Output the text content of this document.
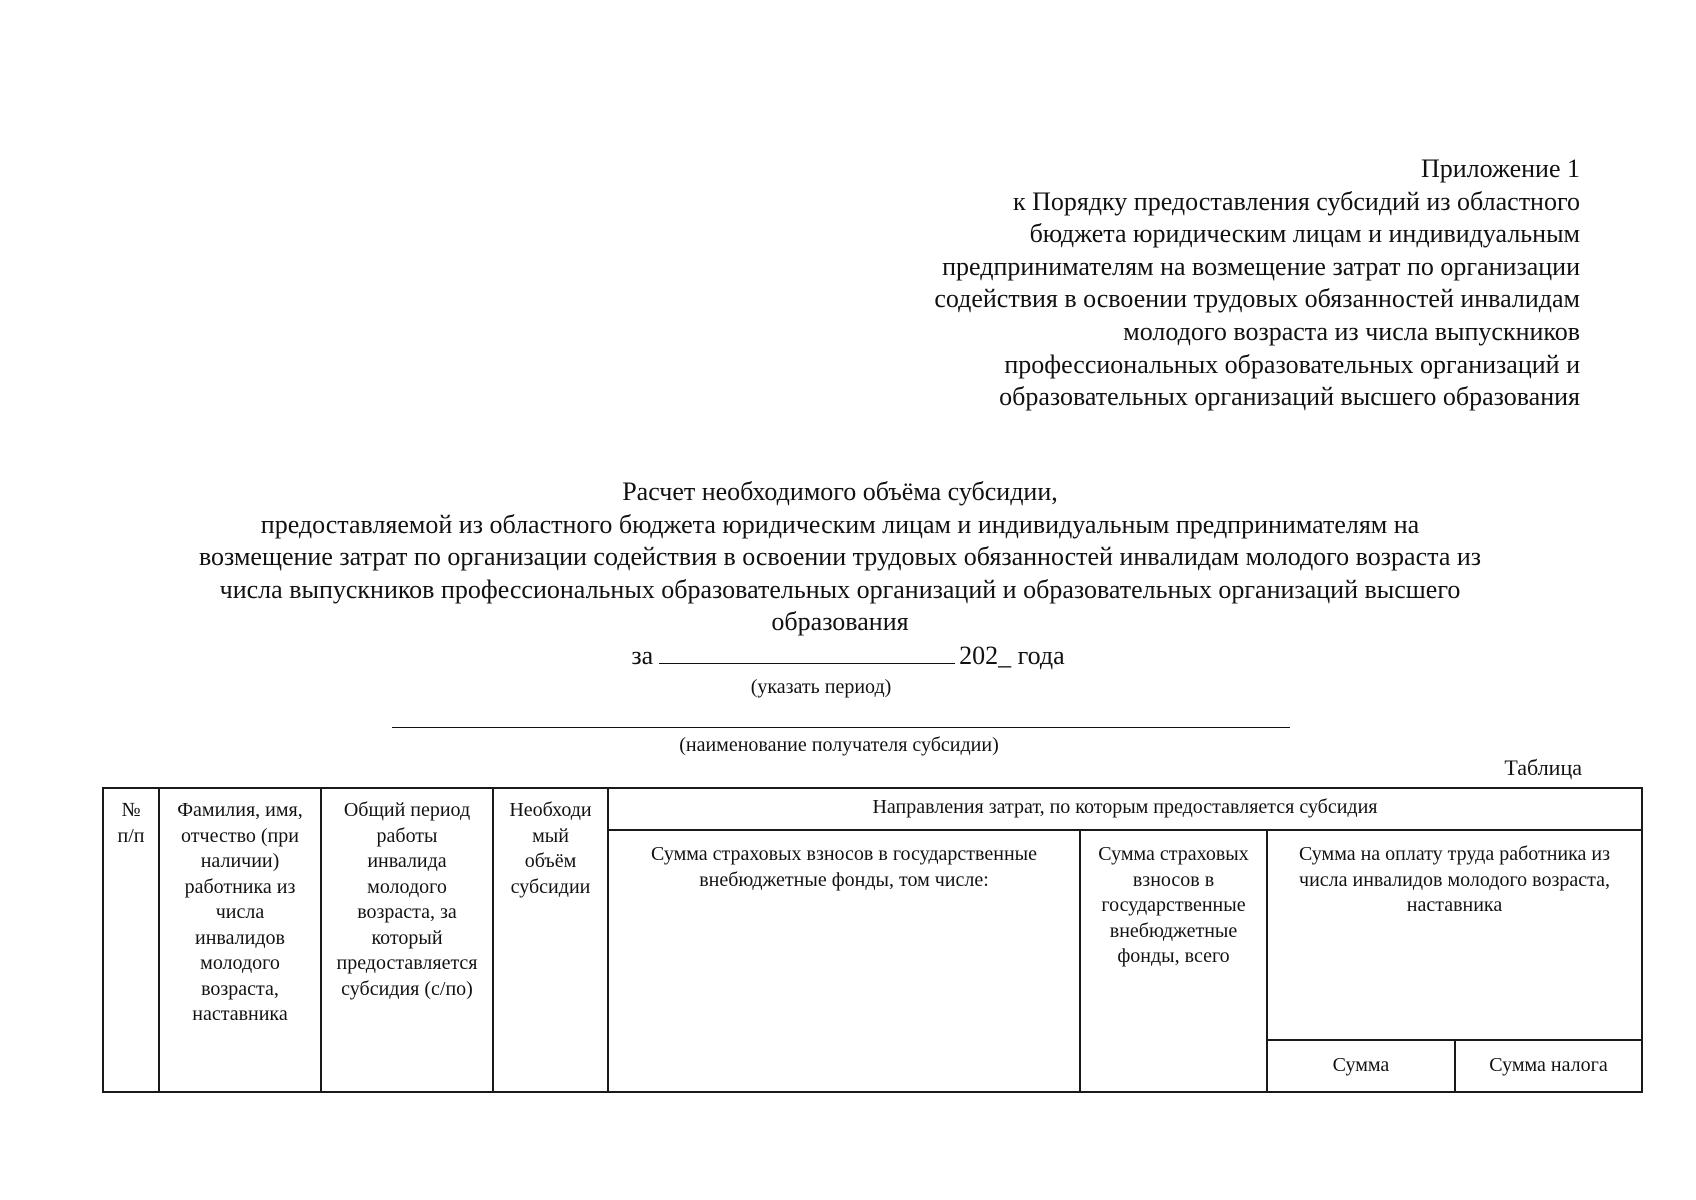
Приложение 1
к Порядку предоставления субсидий из областного
бюджета юридическим лицам и индивидуальным
предпринимателям на возмещение затрат по организации
содействия в освоении трудовых обязанностей инвалидам
молодого возраста из числа выпускников
профессиональных образовательных организаций и
образовательных организаций высшего образования
Расчет необходимого объёма субсидии,
предоставляемой из областного бюджета юридическим лицам и индивидуальным предпринимателям на
возмещение затрат по организации содействия в освоении трудовых обязанностей инвалидам молодого возраста из
числа выпускников профессиональных образовательных организаций и образовательных организаций высшего
образования
за	202_ года
(указать период)
(наименование получателя субсидии)
Таблица
№
п/п
Фамилия, имя,
отчество (при
наличии)
работника из
числа
инвалидов
молодого
возраста,
наставника
Общий период
работы
инвалида
молодого
возраста, за
который
предоставляется
субсидия (с/по)
Необходи
мый
объём
субсидии
Направления затрат, по которым предоставляется субсидия
Сумма страховых взносов в государственные
внебюджетные фонды, том числе:
Сумма страховых
взносов в
государственные
внебюджетные
фонды, всего
Сумма на оплату труда работника из
числа инвалидов молодого возраста,
наставника
Сумма	Сумма налога
